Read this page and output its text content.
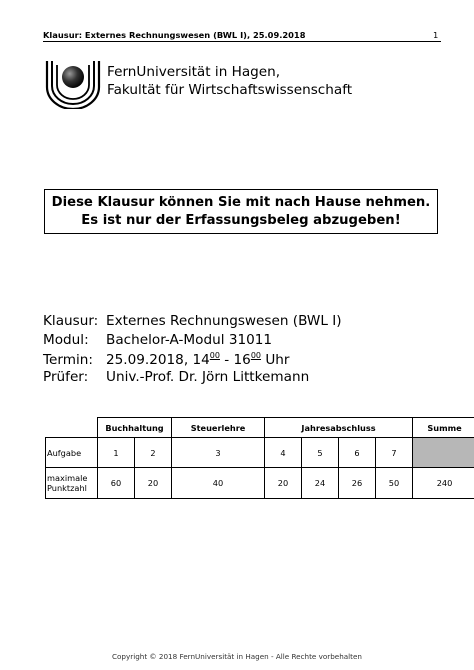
Klausur: Externes Rechnungswesen (BWL I), 25.09.2018	1
FernUniversität in Hagen,
Fakultät für Wirtschaftswissenschaft
Diese Klausur können Sie mit nach Hause nehmen.
Es ist nur der Erfassungsbeleg abzugeben!
Klausur: Externes Rechnungswesen (BWL I)
Modul: Bachelor-A-Modul 31011
Termin: 25.09.2018, $14^{00} - 16^{00}$ Uhr
Prüfer: Univ.-Prof. Dr. Jörn Littkemann
	Buchhaltung		Steuerlehre	Jahresabschluss				Summe
Aufgabe	1	2	3	4	5	6	7	

maximale
Punktzahl	60	20	40	20	24	26	50	240
Copyright © 2018 FernUniversität in Hagen - Alle Rechte vorbehalten
